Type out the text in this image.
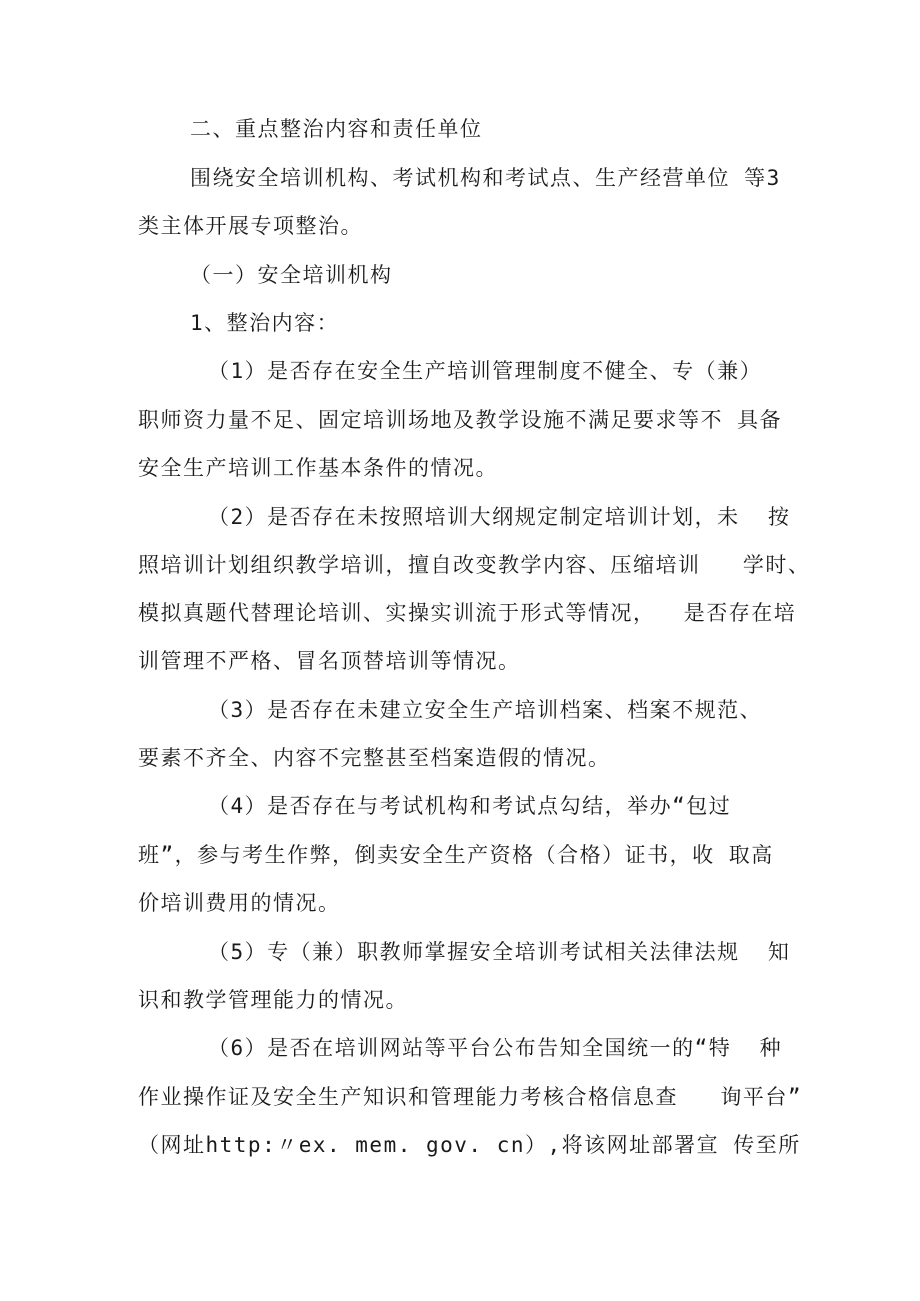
二、重点整治内容和责任单位
围绕安全培训机构、考试机构和考试点、生产经营单位 等3
类主体开展专项整治。
（一）安全培训机构
1、整治内容：
（1）是否存在安全生产培训管理制度不健全、专（兼）
职师资力量不足、固定培训场地及教学设施不满足要求等不 具备
安全生产培训工作基本条件的情况。
（2）是否存在未按照培训大纲规定制定培训计划，未  按
照培训计划组织教学培训，擅自改变教学内容、压缩培训   学时、
模拟真题代替理论培训、实操实训流于形式等情况，  是否存在培
训管理不严格、冒名顶替培训等情况。
（3）是否存在未建立安全生产培训档案、档案不规范、
要素不齐全、内容不完整甚至档案造假的情况。
（4）是否存在与考试机构和考试点勾结，举办“包过
班”，参与考生作弊，倒卖安全生产资格（合格）证书，收 取高
价培训费用的情况。
（5）专（兼）职教师掌握安全培训考试相关法律法规  知
识和教学管理能力的情况。
（6）是否在培训网站等平台公布告知全国统一的“特  种
作业操作证及安全生产知识和管理能力考核合格信息查   询平台”
（网址http:〃ex. mem. gov. cn）,将该网址部署宣 传至所
